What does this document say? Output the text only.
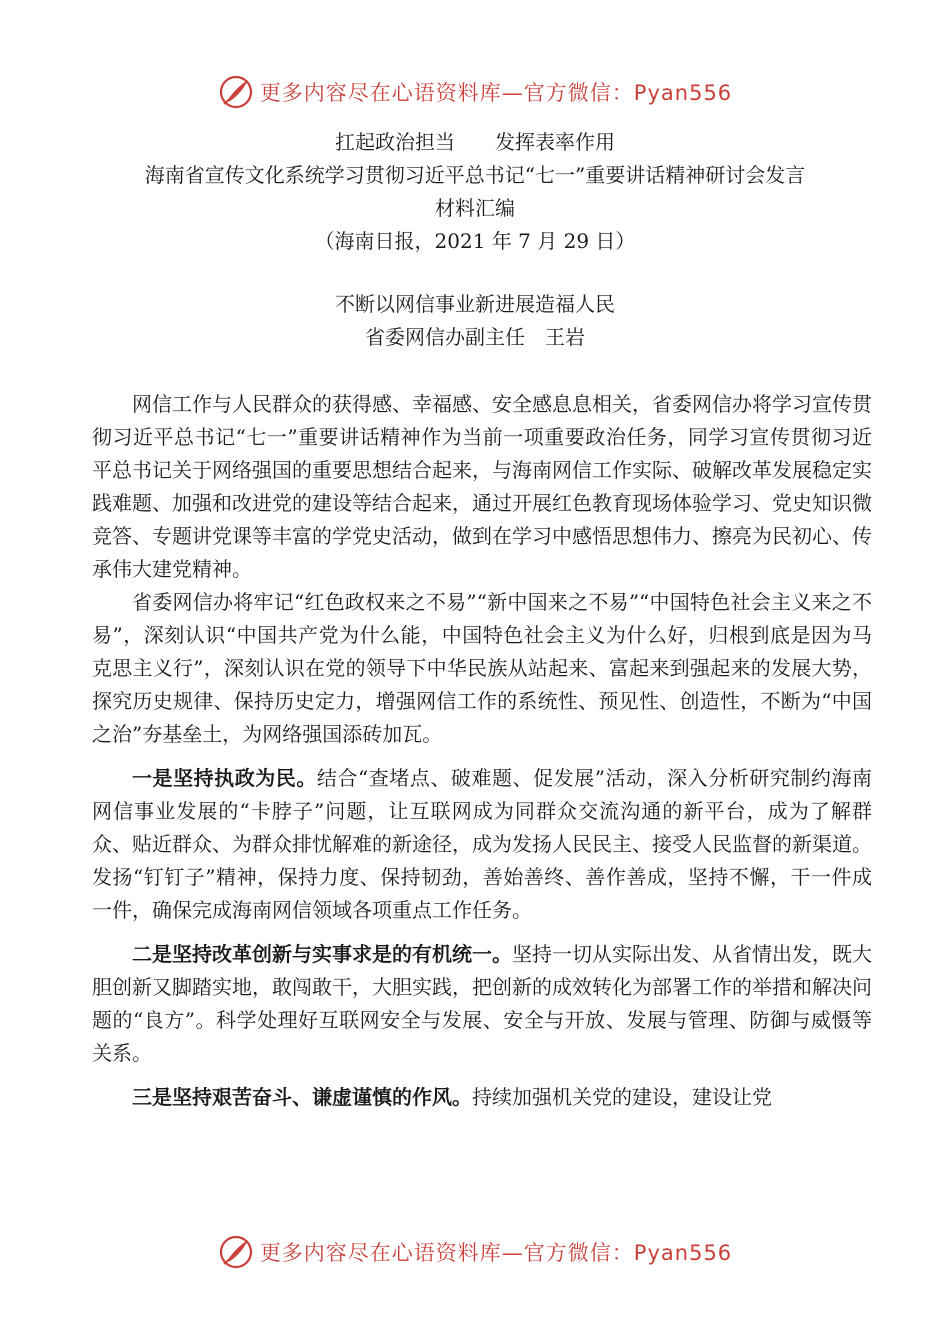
更多内容尽在心语资料库—官方微信：Pyan556
扛起政治担当　　发挥表率作用
海南省宣传文化系统学习贯彻习近平总书记“七一”重要讲话精神研讨会发言
材料汇编
（海南日报，2021 年 7 月 29 日）
不断以网信事业新进展造福人民
省委网信办副主任　王岩

网信工作与人民群众的获得感、幸福感、安全感息息相关，省委网信办将学习宣传贯彻习近平总书记“七一”重要讲话精神作为当前一项重要政治任务，同学习宣传贯彻习近平总书记关于网络强国的重要思想结合起来，与海南网信工作实际、破解改革发展稳定实践难题、加强和改进党的建设等结合起来，通过开展红色教育现场体验学习、党史知识微竞答、专题讲党课等丰富的学党史活动，做到在学习中感悟思想伟力、擦亮为民初心、传承伟大建党精神。

省委网信办将牢记“红色政权来之不易”“新中国来之不易”“中国特色社会主义来之不易”，深刻认识“中国共产党为什么能，中国特色社会主义为什么好，归根到底是因为马克思主义行”，深刻认识在党的领导下中华民族从站起来、富起来到强起来的发展大势，探究历史规律、保持历史定力，增强网信工作的系统性、预见性、创造性，不断为“中国之治”夯基垒土，为网络强国添砖加瓦。

一是坚持执政为民。结合“查堵点、破难题、促发展”活动，深入分析研究制约海南网信事业发展的“卡脖子”问题，让互联网成为同群众交流沟通的新平台，成为了解群众、贴近群众、为群众排忧解难的新途径，成为发扬人民民主、接受人民监督的新渠道。发扬“钉钉子”精神，保持力度、保持韧劲，善始善终、善作善成，坚持不懈，干一件成一件，确保完成海南网信领域各项重点工作任务。

二是坚持改革创新与实事求是的有机统一。坚持一切从实际出发、从省情出发，既大胆创新又脚踏实地，敢闯敢干，大胆实践，把创新的成效转化为部署工作的举措和解决问题的“良方”。科学处理好互联网安全与发展、安全与开放、发展与管理、防御与威慑等关系。

三是坚持艰苦奋斗、谦虚谨慎的作风。持续加强机关党的建设，建设让党

更多内容尽在心语资料库—官方微信：Pyan556
